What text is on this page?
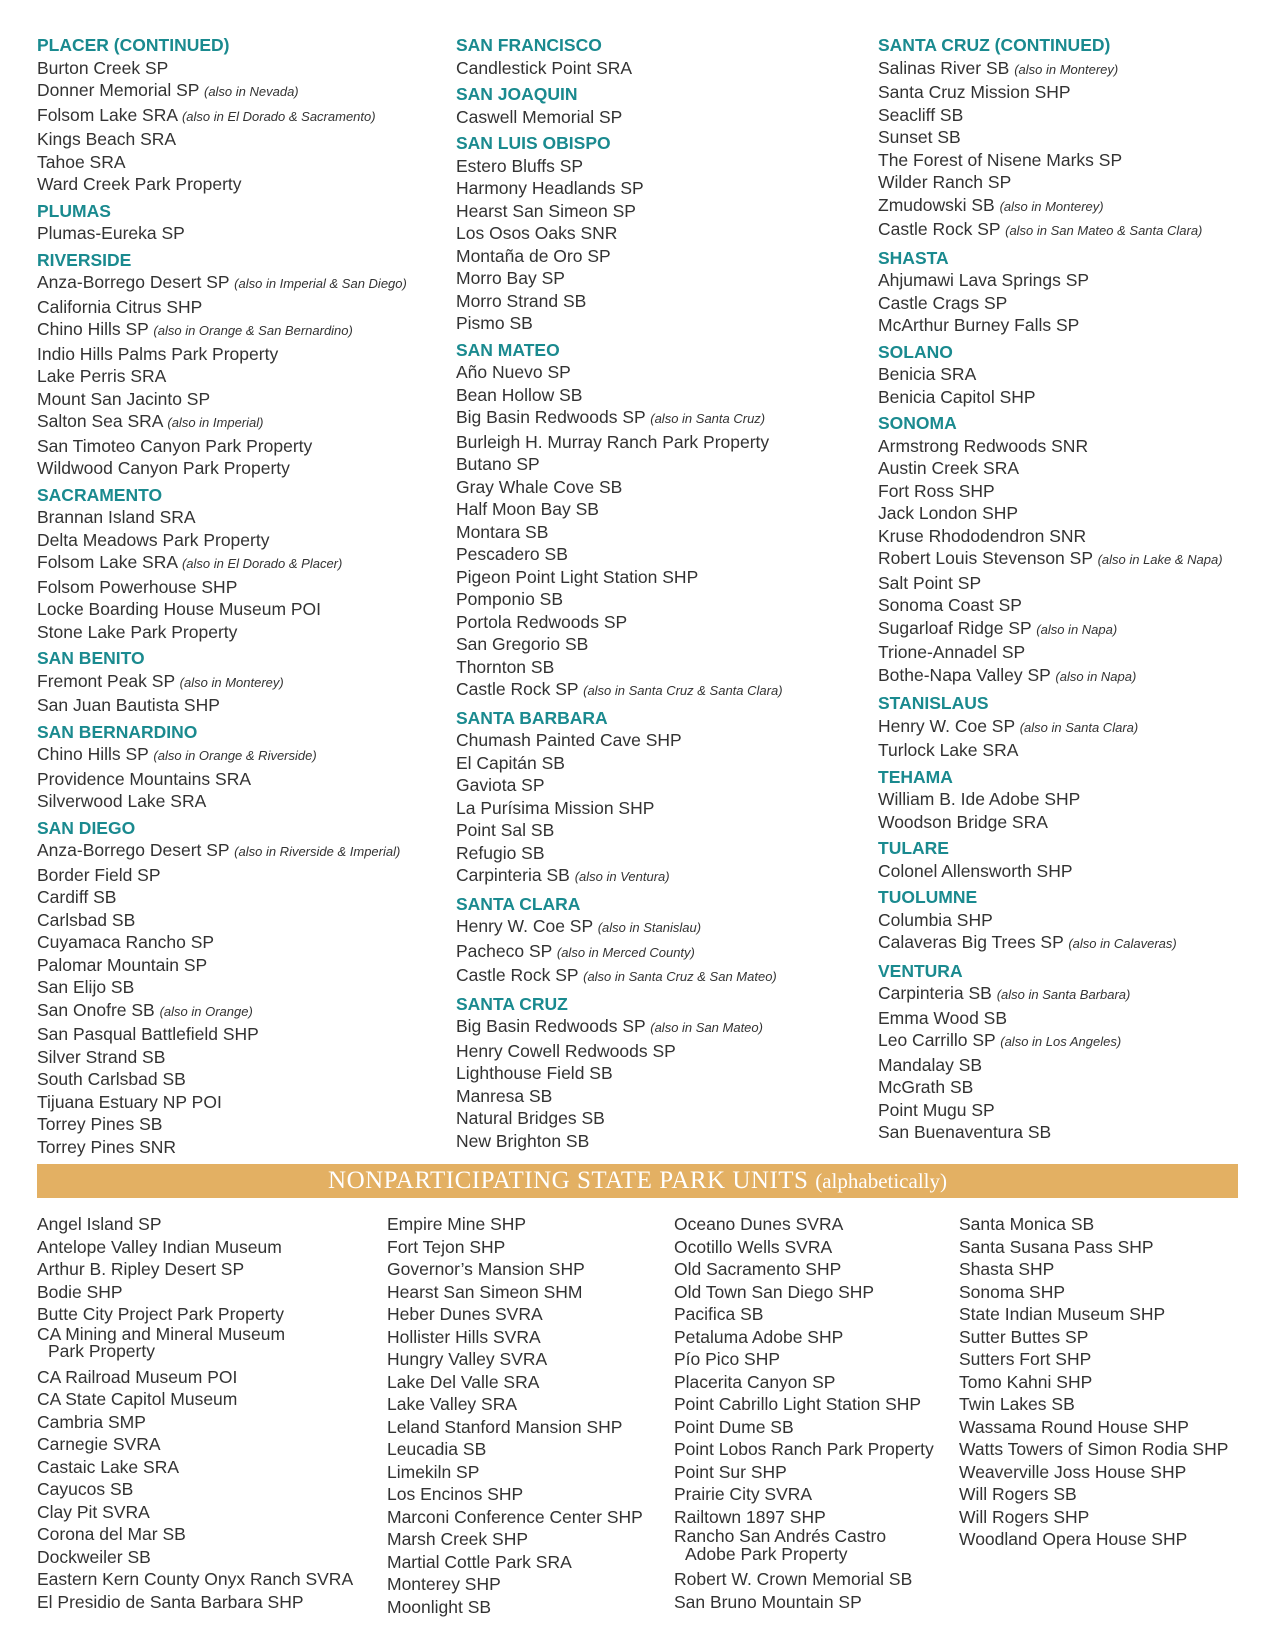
PLACER (CONTINUED)
Burton Creek SP
Donner Memorial SP (also in Nevada)
Folsom Lake SRA (also in El Dorado & Sacramento)
Kings Beach SRA
Tahoe SRA
Ward Creek Park Property
PLUMAS
Plumas-Eureka SP
RIVERSIDE
Anza-Borrego Desert SP (also in Imperial & San Diego)
California Citrus SHP
Chino Hills SP (also in Orange & San Bernardino)
Indio Hills Palms Park Property
Lake Perris SRA
Mount San Jacinto SP
Salton Sea SRA (also in Imperial)
San Timoteo Canyon Park Property
Wildwood Canyon Park Property
SACRAMENTO
Brannan Island SRA
Delta Meadows Park Property
Folsom Lake SRA (also in El Dorado & Placer)
Folsom Powerhouse SHP
Locke Boarding House Museum POI
Stone Lake Park Property
SAN BENITO
Fremont Peak SP (also in Monterey)
San Juan Bautista SHP
SAN BERNARDINO
Chino Hills SP (also in Orange & Riverside)
Providence Mountains SRA
Silverwood Lake SRA
SAN DIEGO
Anza-Borrego Desert SP (also in Riverside & Imperial)
Border Field SP
Cardiff SB
Carlsbad SB
Cuyamaca Rancho SP
Palomar Mountain SP
San Elijo SB
San Onofre SB (also in Orange)
San Pasqual Battlefield SHP
Silver Strand SB
South Carlsbad SB
Tijuana Estuary NP POI
Torrey Pines SB
Torrey Pines SNR
SAN FRANCISCO
Candlestick Point SRA
SAN JOAQUIN
Caswell Memorial SP
SAN LUIS OBISPO
Estero Bluffs SP
Harmony Headlands SP
Hearst San Simeon SP
Los Osos Oaks SNR
Montaña de Oro SP
Morro Bay SP
Morro Strand SB
Pismo SB
SAN MATEO
Año Nuevo SP
Bean Hollow SB
Big Basin Redwoods SP (also in Santa Cruz)
Burleigh H. Murray Ranch Park Property
Butano SP
Gray Whale Cove SB
Half Moon Bay SB
Montara SB
Pescadero SB
Pigeon Point Light Station SHP
Pomponio SB
Portola Redwoods SP
San Gregorio SB
Thornton SB
Castle Rock SP (also in Santa Cruz & Santa Clara)
SANTA BARBARA
Chumash Painted Cave SHP
El Capitán SB
Gaviota SP
La Purísima Mission SHP
Point Sal SB
Refugio SB
Carpinteria SB (also in Ventura)
SANTA CLARA
Henry W. Coe SP (also in Stanislau)
Pacheco SP (also in Merced County)
Castle Rock SP (also in Santa Cruz & San Mateo)
SANTA CRUZ
Big Basin Redwoods SP (also in San Mateo)
Henry Cowell Redwoods SP
Lighthouse Field SB
Manresa SB
Natural Bridges SB
New Brighton SB
SANTA CRUZ (CONTINUED)
Salinas River SB (also in Monterey)
Santa Cruz Mission SHP
Seacliff SB
Sunset SB
The Forest of Nisene Marks SP
Wilder Ranch SP
Zmudowski SB (also in Monterey)
Castle Rock SP (also in San Mateo & Santa Clara)
SHASTA
Ahjumawi Lava Springs SP
Castle Crags SP
McArthur Burney Falls SP
SOLANO
Benicia SRA
Benicia Capitol SHP
SONOMA
Armstrong Redwoods SNR
Austin Creek SRA
Fort Ross SHP
Jack London SHP
Kruse Rhododendron SNR
Robert Louis Stevenson SP (also in Lake & Napa)
Salt Point SP
Sonoma Coast SP
Sugarloaf Ridge SP (also in Napa)
Trione-Annadel SP
Bothe-Napa Valley SP (also in Napa)
STANISLAUS
Henry W. Coe SP (also in Santa Clara)
Turlock Lake SRA
TEHAMA
William B. Ide Adobe SHP
Woodson Bridge SRA
TULARE
Colonel Allensworth SHP
TUOLUMNE
Columbia SHP
Calaveras Big Trees SP (also in Calaveras)
VENTURA
Carpinteria SB (also in Santa Barbara)
Emma Wood SB
Leo Carrillo SP (also in Los Angeles)
Mandalay SB
McGrath SB
Point Mugu SP
San Buenaventura SB
NONPARTICIPATING STATE PARK UNITS (alphabetically)
Angel Island SP
Antelope Valley Indian Museum
Arthur B. Ripley Desert SP
Bodie SHP
Butte City Project Park Property
CA Mining and Mineral Museum
Park Property
CA Railroad Museum POI
CA State Capitol Museum
Cambria SMP
Carnegie SVRA
Castaic Lake SRA
Cayucos SB
Clay Pit SVRA
Corona del Mar SB
Dockweiler SB
Eastern Kern County Onyx Ranch SVRA
El Presidio de Santa Barbara SHP
Empire Mine SHP
Fort Tejon SHP
Governor’s Mansion SHP
Hearst San Simeon SHM
Heber Dunes SVRA
Hollister Hills SVRA
Hungry Valley SVRA
Lake Del Valle SRA
Lake Valley SRA
Leland Stanford Mansion SHP
Leucadia SB
Limekiln SP
Los Encinos SHP
Marconi Conference Center SHP
Marsh Creek SHP
Martial Cottle Park SRA
Monterey SHP
Moonlight SB
Oceano Dunes SVRA
Ocotillo Wells SVRA
Old Sacramento SHP
Old Town San Diego SHP
Pacifica SB
Petaluma Adobe SHP
Pío Pico SHP
Placerita Canyon SP
Point Cabrillo Light Station SHP
Point Dume SB
Point Lobos Ranch Park Property
Point Sur SHP
Prairie City SVRA
Railtown 1897 SHP
Rancho San Andrés Castro
Adobe Park Property
Robert W. Crown Memorial SB
San Bruno Mountain SP
Santa Monica SB
Santa Susana Pass SHP
Shasta SHP
Sonoma SHP
State Indian Museum SHP
Sutter Buttes SP
Sutters Fort SHP
Tomo Kahni SHP
Twin Lakes SB
Wassama Round House SHP
Watts Towers of Simon Rodia SHP
Weaverville Joss House SHP
Will Rogers SB
Will Rogers SHP
Woodland Opera House SHP
